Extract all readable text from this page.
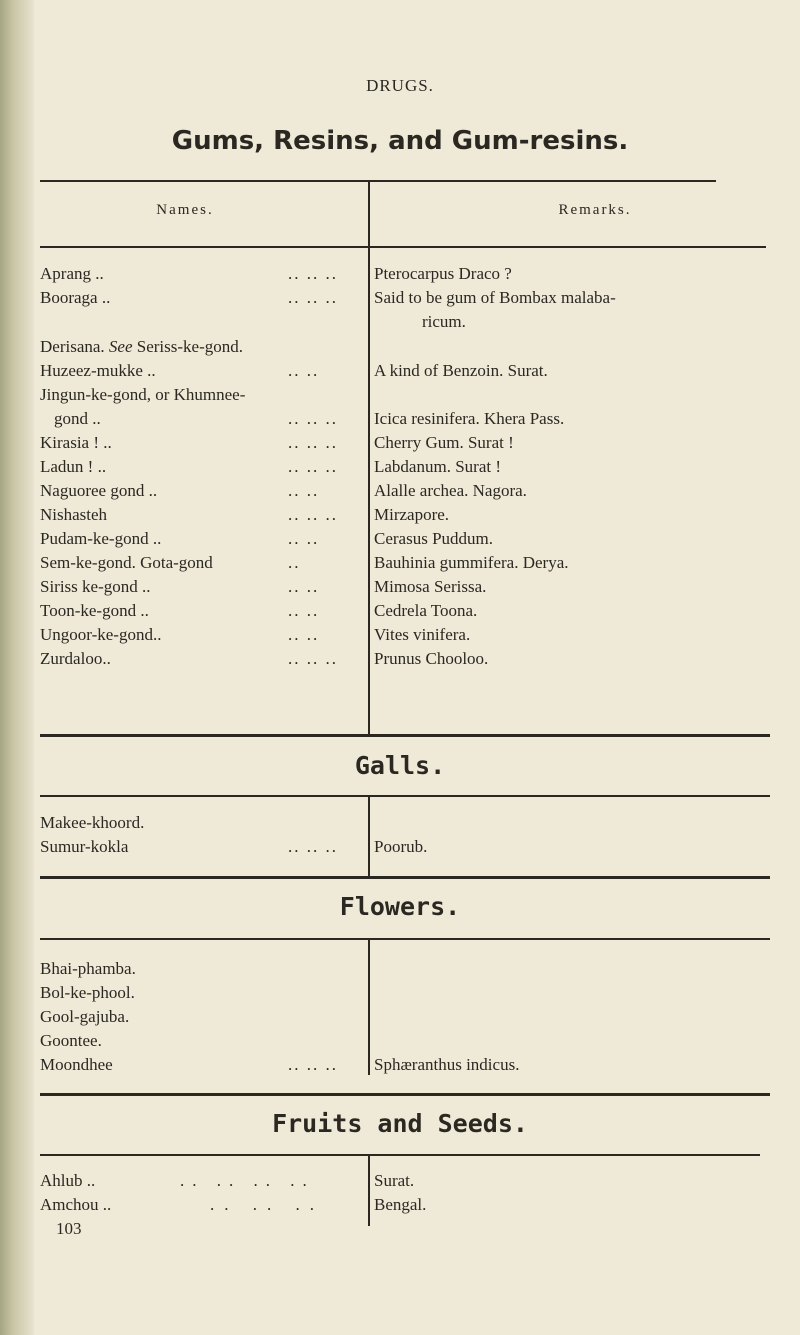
DRUGS.
Gums, Resins, and Gum-resins.
Names.	Remarks.
Aprang ..	.. .. ..	Pterocarpus Draco ?
Booraga ..	.. .. ..	Said to be gum of Bombax malaba-
ricum.
Derisana. See Seriss-ke-gond.
Huzeez-mukke ..	.. ..	A kind of Benzoin. Surat.
Jingun-ke-gond, or Khumnee-
gond ..	.. .. ..	Icica resinifera. Khera Pass.
Kirasia ! ..	.. .. ..	Cherry Gum. Surat !
Ladun ! ..	.. .. ..	Labdanum. Surat !
Naguoree gond ..	.. ..	Alalle archea. Nagora.
Nishasteh	.. .. ..	Mirzapore.
Pudam-ke-gond ..	.. ..	Cerasus Puddum.
Sem-ke-gond. Gota-gond	..	Bauhinia gummifera. Derya.
Siriss ke-gond ..	.. ..	Mimosa Serissa.
Toon-ke-gond ..	.. ..	Cedrela Toona.
Ungoor-ke-gond..	.. ..	Vites vinifera.
Zurdaloo..	.. .. ..	Prunus Chooloo.
Galls.
Makee-khoord.
Sumur-kokla	.. .. ..	Poorub.
Flowers.
Bhai-phamba.
Bol-ke-phool.
Gool-gajuba.
Goontee.
Moondhee	.. .. ..	Sphæranthus indicus.
Fruits and Seeds.
Ahlub ..	.. .. .. ..	Surat.
Amchou ..	.. .. ..	Bengal.
103
